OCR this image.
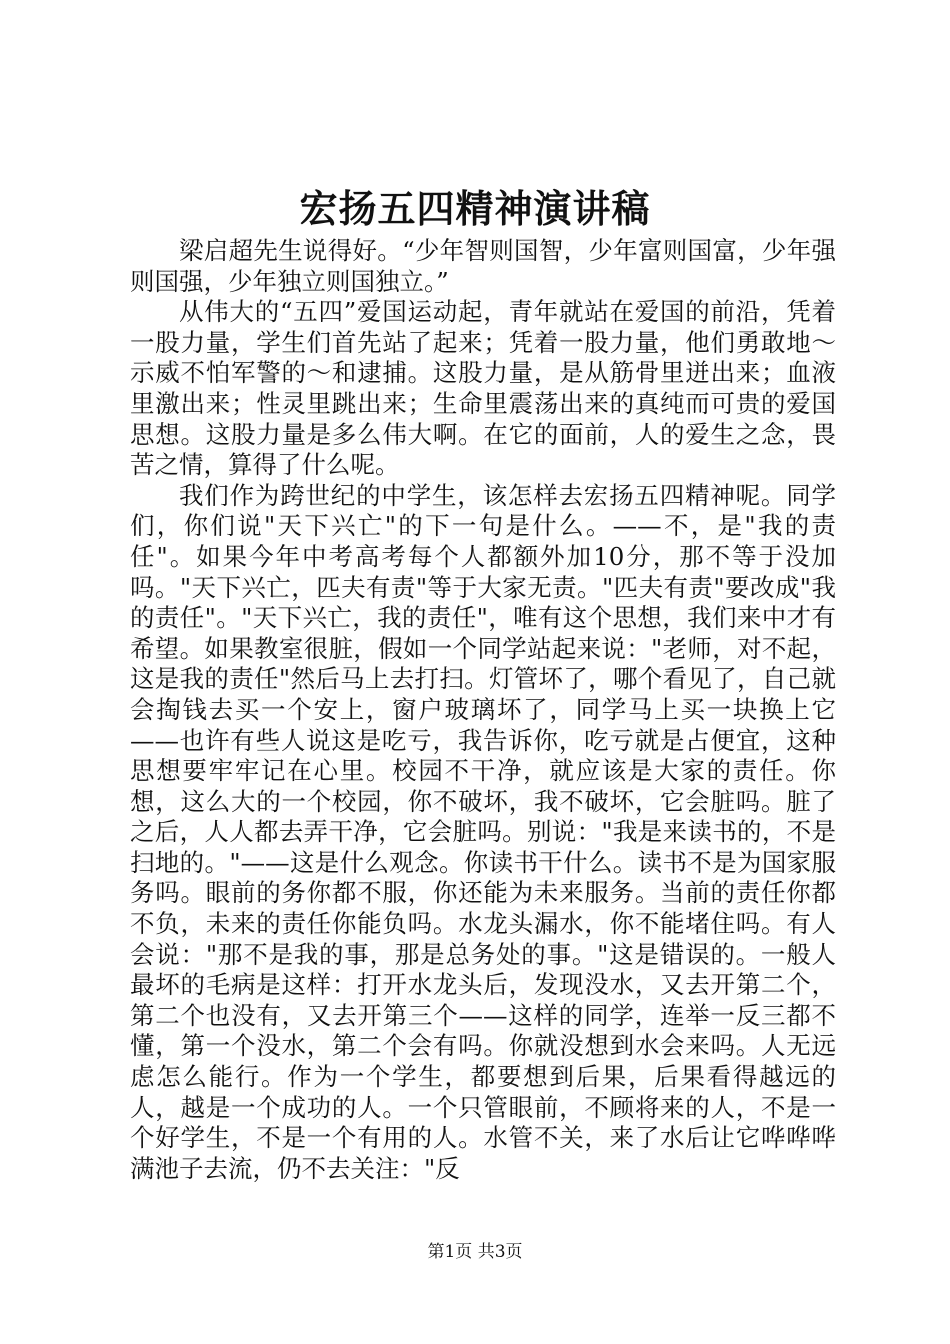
宏扬五四精神演讲稿

梁启超先生说得好。“少年智则国智，少年富则国富，少年强则国强，少年独立则国独立。”

从伟大的“五四”爱国运动起，青年就站在爱国的前沿，凭着一股力量，学生们首先站了起来；凭着一股力量，他们勇敢地～示威不怕军警的～和逮捕。这股力量，是从筋骨里迸出来；血液里激出来；性灵里跳出来；生命里震荡出来的真纯而可贵的爱国思想。这股力量是多么伟大啊。在它的面前，人的爱生之念，畏苦之情，算得了什么呢。

我们作为跨世纪的中学生，该怎样去宏扬五四精神呢。同学们，你们说"天下兴亡"的下一句是什么。——不，是"我的责任"。如果今年中考高考每个人都额外加10分，那不等于没加吗。"天下兴亡，匹夫有责"等于大家无责。"匹夫有责"要改成"我的责任"。"天下兴亡，我的责任"，唯有这个思想，我们来中才有希望。如果教室很脏，假如一个同学站起来说："老师，对不起，这是我的责任"然后马上去打扫。灯管坏了，哪个看见了，自己就会掏钱去买一个安上，窗户玻璃坏了，同学马上买一块换上它——也许有些人说这是吃亏，我告诉你，吃亏就是占便宜，这种思想要牢牢记在心里。校园不干净，就应该是大家的责任。你想，这么大的一个校园，你不破坏，我不破坏，它会脏吗。脏了之后，人人都去弄干净，它会脏吗。别说："我是来读书的，不是扫地的。"——这是什么观念。你读书干什么。读书不是为国家服务吗。眼前的务你都不服，你还能为未来服务。当前的责任你都不负，未来的责任你能负吗。水龙头漏水，你不能堵住吗。有人会说："那不是我的事，那是总务处的事。"这是错误的。一般人最坏的毛病是这样：打开水龙头后，发现没水，又去开第二个，第二个也没有，又去开第三个——这样的同学，连举一反三都不懂，第一个没水，第二个会有吗。你就没想到水会来吗。人无远虑怎么能行。作为一个学生，都要想到后果，后果看得越远的人，越是一个成功的人。一个只管眼前，不顾将来的人，不是一个好学生，不是一个有用的人。水管不关，来了水后让它哗哗哗满池子去流，仍不去关注："反

第1页 共3页
